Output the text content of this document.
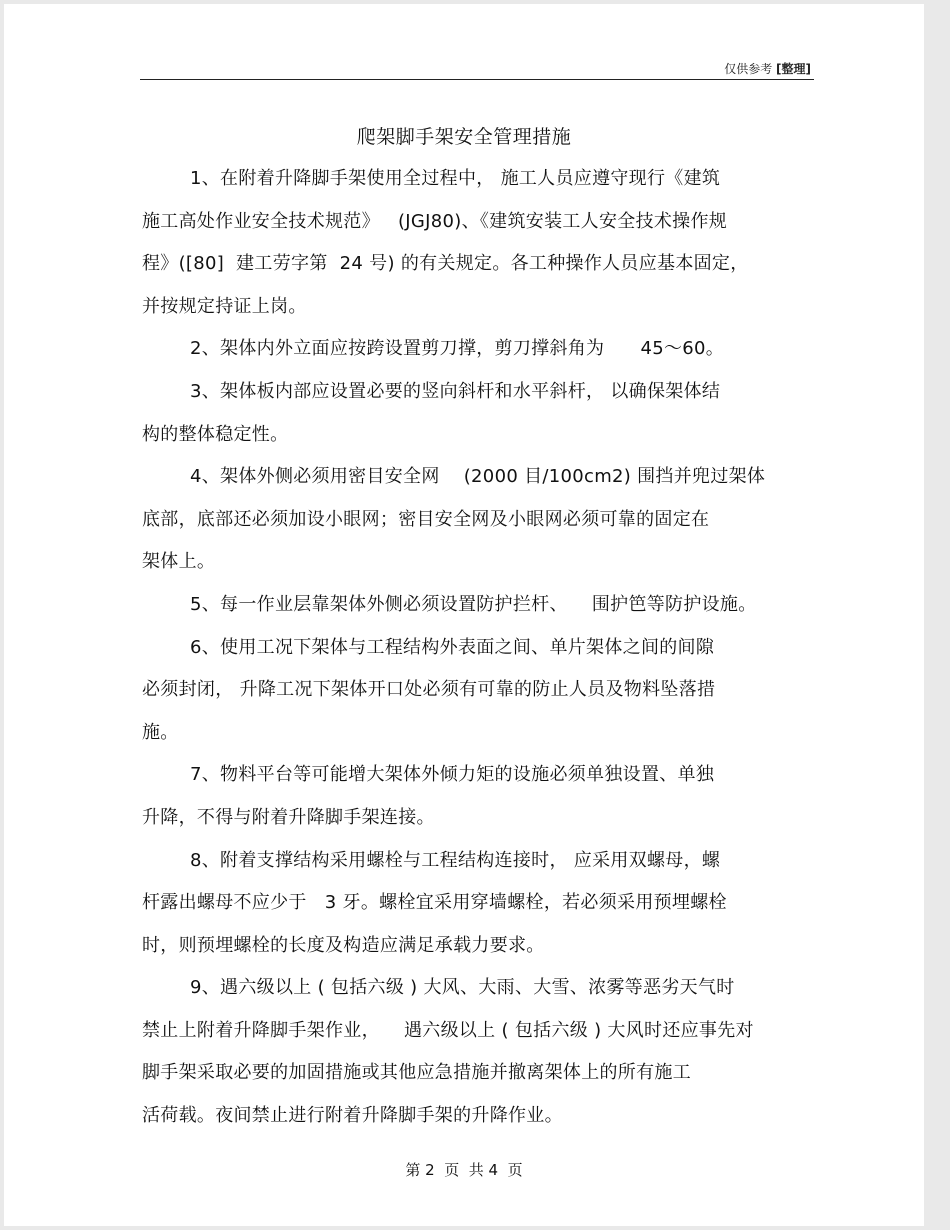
仅供参考 [整理]
爬架脚手架安全管理措施
1、在附着升降脚手架使用全过程中， 施工人员应遵守现行《建筑
施工高处作业安全技术规范》   (JGJ80)、《建筑安装工人安全技术操作规
程》([80]  建工劳字第  24 号) 的有关规定。各工种操作人员应基本固定，
并按规定持证上岗。
2、架体内外立面应按跨设置剪刀撑，剪刀撑斜角为      45～60。
3、架体板内部应设置必要的竖向斜杆和水平斜杆， 以确保架体结
构的整体稳定性。
4、架体外侧必须用密目安全网    (2000 目/100cm2) 围挡并兜过架体
底部，底部还必须加设小眼网；密目安全网及小眼网必须可靠的固定在
架体上。
5、每一作业层靠架体外侧必须设置防护拦杆、    围护笆等防护设施。
6、使用工况下架体与工程结构外表面之间、单片架体之间的间隙
必须封闭， 升降工况下架体开口处必须有可靠的防止人员及物料坠落措
施。
7、物料平台等可能增大架体外倾力矩的设施必须单独设置、单独
升降，不得与附着升降脚手架连接。
8、附着支撑结构采用螺栓与工程结构连接时， 应采用双螺母，螺
杆露出螺母不应少于   3 牙。螺栓宜采用穿墙螺栓，若必须采用预埋螺栓
时，则预埋螺栓的长度及构造应满足承载力要求。
9、遇六级以上 ( 包括六级 ) 大风、大雨、大雪、浓雾等恶劣天气时
禁止上附着升降脚手架作业，    遇六级以上 ( 包括六级 ) 大风时还应事先对
脚手架采取必要的加固措施或其他应急措施并撤离架体上的所有施工
活荷载。夜间禁止进行附着升降脚手架的升降作业。
第 2  页  共 4  页
